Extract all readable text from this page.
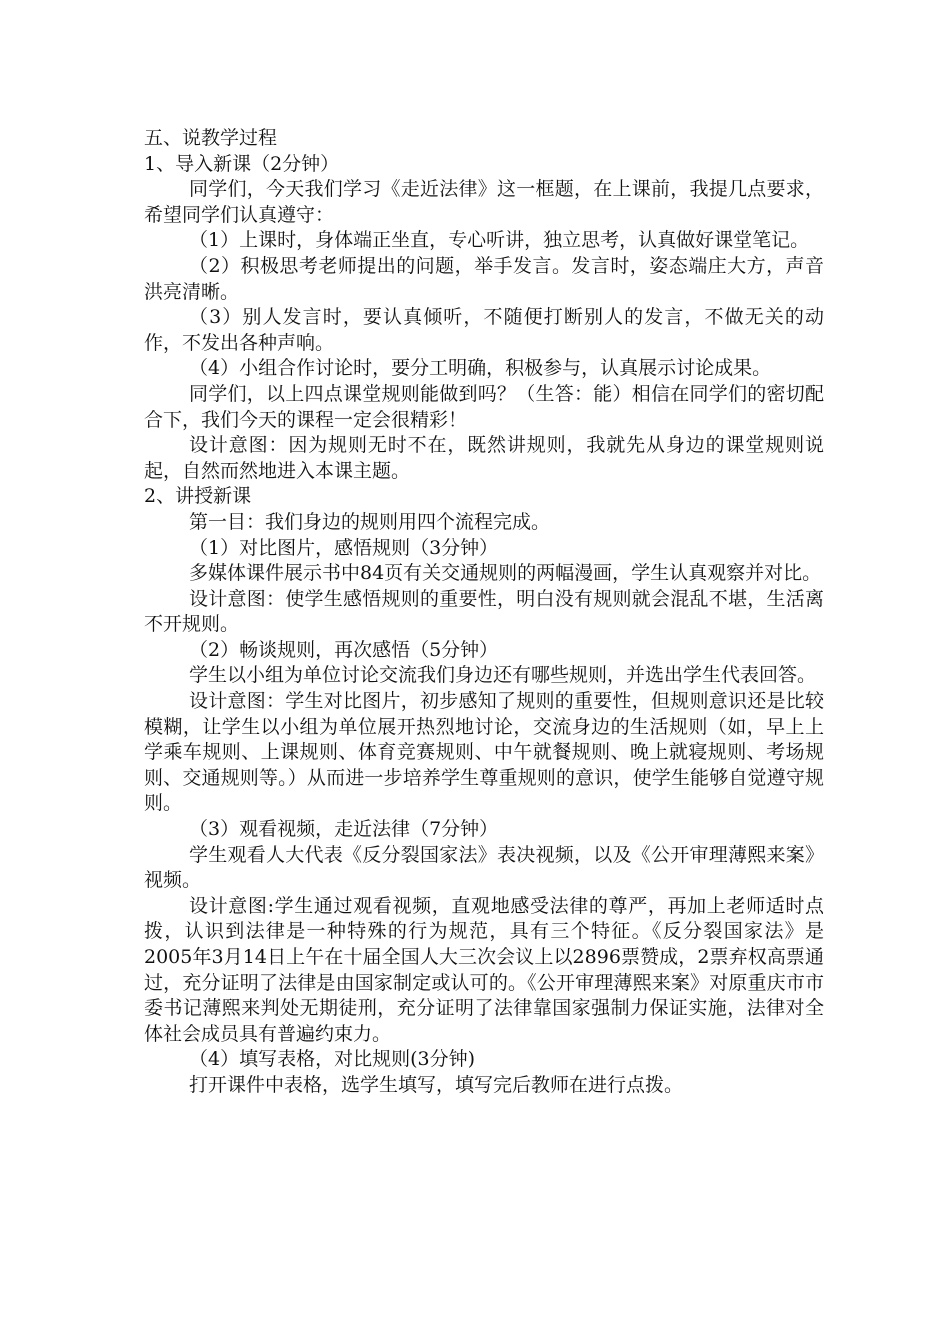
五、说教学过程

1、导入新课（2分钟）

同学们，今天我们学习《走近法律》这一框题，在上课前，我提几点要求，希望同学们认真遵守：

（1）上课时，身体端正坐直，专心听讲，独立思考，认真做好课堂笔记。

（2）积极思考老师提出的问题，举手发言。发言时，姿态端庄大方，声音洪亮清晰。

（3）别人发言时，要认真倾听，不随便打断别人的发言，不做无关的动作，不发出各种声响。

（4）小组合作讨论时，要分工明确，积极参与，认真展示讨论成果。

同学们，以上四点课堂规则能做到吗？（生答：能）相信在同学们的密切配合下，我们今天的课程一定会很精彩！

设计意图：因为规则无时不在，既然讲规则，我就先从身边的课堂规则说起，自然而然地进入本课主题。

2、讲授新课

第一目：我们身边的规则用四个流程完成。

（1）对比图片，感悟规则（3分钟）

多媒体课件展示书中84页有关交通规则的两幅漫画，学生认真观察并对比。

设计意图：使学生感悟规则的重要性，明白没有规则就会混乱不堪，生活离不开规则。

（2）畅谈规则，再次感悟（5分钟）

学生以小组为单位讨论交流我们身边还有哪些规则，并选出学生代表回答。

设计意图：学生对比图片，初步感知了规则的重要性，但规则意识还是比较模糊，让学生以小组为单位展开热烈地讨论，交流身边的生活规则（如，早上上学乘车规则、上课规则、体育竞赛规则、中午就餐规则、晚上就寝规则、考场规则、交通规则等。）从而进一步培养学生尊重规则的意识，使学生能够自觉遵守规则。

（3）观看视频，走近法律（7分钟）

学生观看人大代表《反分裂国家法》表决视频，以及《公开审理薄熙来案》视频。

设计意图:学生通过观看视频，直观地感受法律的尊严，再加上老师适时点拨，认识到法律是一种特殊的行为规范，具有三个特征。《反分裂国家法》是2005年3月14日上午在十届全国人大三次会议上以2896票赞成，2票弃权高票通过，充分证明了法律是由国家制定或认可的。《公开审理薄熙来案》对原重庆市市委书记薄熙来判处无期徒刑，充分证明了法律靠国家强制力保证实施，法律对全体社会成员具有普遍约束力。

（4）填写表格，对比规则(3分钟)

打开课件中表格，选学生填写，填写完后教师在进行点拨。
